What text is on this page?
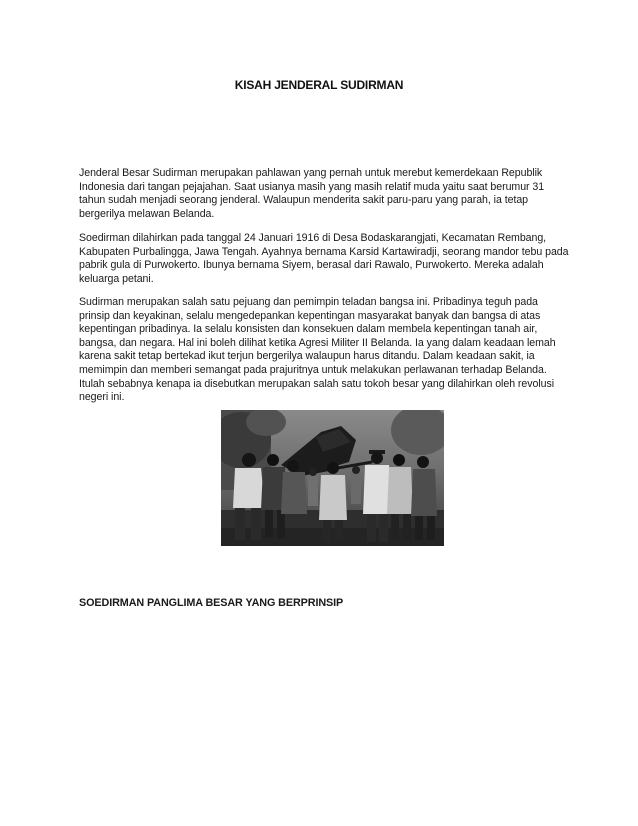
KISAH JENDERAL SUDIRMAN

Jenderal Besar Sudirman merupakan pahlawan yang pernah untuk merebut kemerdekaan Republik Indonesia dari tangan pejajahan. Saat usianya masih yang masih relatif muda yaitu saat berumur 31 tahun sudah menjadi seorang jenderal. Walaupun menderita sakit paru-paru yang parah, ia tetap bergerilya melawan Belanda.

Soedirman dilahirkan pada tanggal 24 Januari 1916 di Desa Bodaskarangjati, Kecamatan Rembang, Kabupaten Purbalingga, Jawa Tengah. Ayahnya bernama Karsid Kartawiradji, seorang mandor tebu pada pabrik gula di Purwokerto. Ibunya bernama Siyem, berasal dari Rawalo, Purwokerto. Mereka adalah keluarga petani.

Sudirman merupakan salah satu pejuang dan pemimpin teladan bangsa ini. Pribadinya teguh pada prinsip dan keyakinan, selalu mengedepankan kepentingan masyarakat banyak dan bangsa di atas kepentingan pribadinya. Ia selalu konsisten dan konsekuen dalam membela kepentingan tanah air, bangsa, dan negara. Hal ini boleh dilihat ketika Agresi Militer II Belanda. Ia yang dalam keadaan lemah karena sakit tetap bertekad ikut terjun bergerilya walaupun harus ditandu. Dalam keadaan sakit, ia memimpin dan memberi semangat pada prajuritnya untuk melakukan perlawanan terhadap Belanda. Itulah sebabnya kenapa ia disebutkan merupakan salah satu tokoh besar yang dilahirkan oleh revolusi negeri ini.

SOEDIRMAN PANGLIMA BESAR YANG BERPRINSIP
